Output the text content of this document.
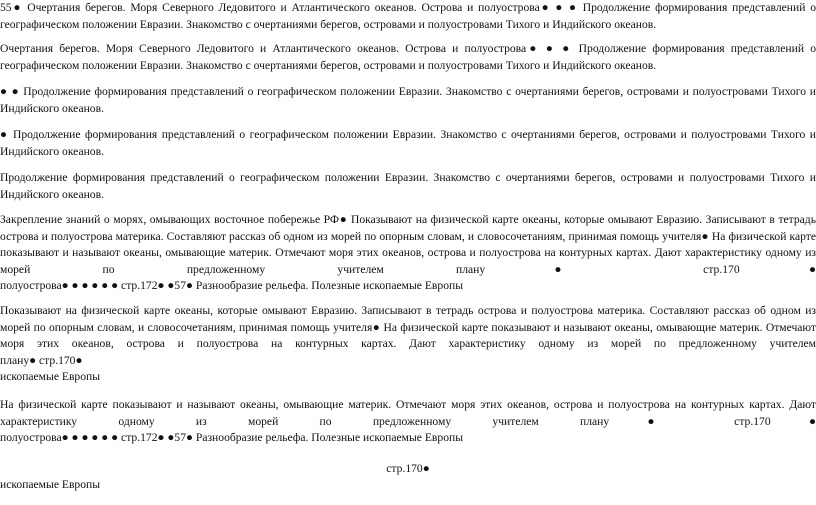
55● Очертания берегов. Моря Северного Ледовитого и Атлантического океанов. Острова и полуострова● ● ● Продолжение формирования представлений о
географическом положении Евразии. Знакомство с очертаниями берегов, островами и полуостровами Тихого и Индийского океанов.
Очертания берегов. Моря Северного Ледовитого и Атлантического океанов. Острова и полуострова● ● ● Продолжение формирования представлений о
географическом положении Евразии. Знакомство с очертаниями берегов, островами и полуостровами Тихого и Индийского океанов.
● ● Продолжение формирования представлений о географическом положении Евразии. Знакомство с очертаниями берегов, островами и полуостровами Тихого и
Индийского океанов.
● Продолжение формирования представлений о географическом положении Евразии. Знакомство с очертаниями берегов, островами и полуостровами Тихого и
Индийского океанов.
Продолжение формирования представлений о географическом положении Евразии. Знакомство с очертаниями берегов, островами и полуостровами Тихого и
Индийского океанов.
Закрепление знаний о морях, омывающих восточное побережье РФ● Показывают на физической карте океаны, которые омывают Евразию. Записывают в тетрадь
острова и полуострова материка. Составляют рассказ об одном из морей по опорным словам, и словосочетаниям, принимая помощь учителя● На физической карте
показывают и называют океаны, омывающие материк. Отмечают моря этих океанов, острова и полуострова на контурных картах. Дают характеристику одному из
морей по предложенному учителем плану● стр.170●
полуострова● ● ● ● ● ● стр.172● ●57● Разнообразие рельефа. Полезные ископаемые Европы
Показывают на физической карте океаны, которые омывают Евразию. Записывают в тетрадь острова и полуострова материка. Составляют рассказ об одном из
морей по опорным словам, и словосочетаниям, принимая помощь учителя● На физической карте показывают и называют океаны, омывающие материк. Отмечают
моря этих океанов, острова и полуострова на контурных картах. Дают характеристику одному из морей по предложенному учителем
плану● стр.170●
ископаемые Европы
На физической карте показывают и называют океаны, омывающие материк. Отмечают моря этих океанов, острова и полуострова на контурных картах. Дают
характеристику одному из морей по предложенному учителем плану● стр.170●
полуострова● ● ● ● ● ● стр.172● ●57● Разнообразие рельефа. Полезные ископаемые Европы
стр.170●
ископаемые Европы
